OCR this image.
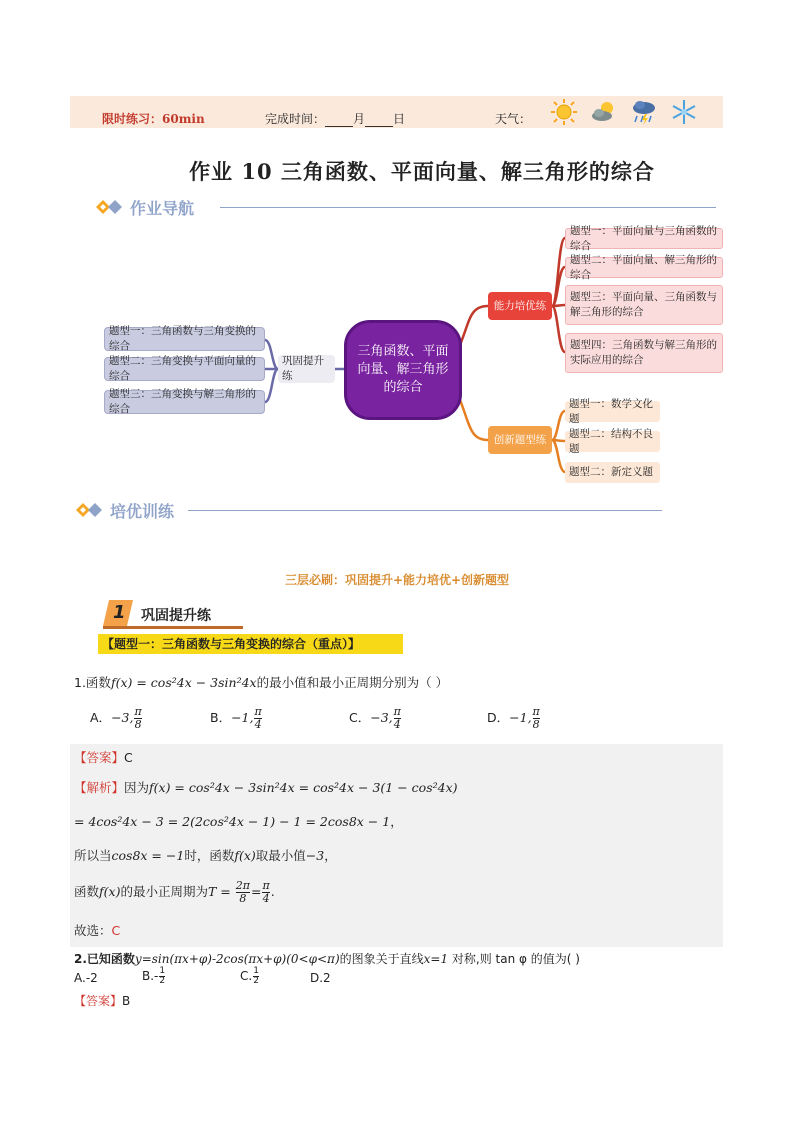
限时练习：60min	完成时间： 月 日	天气：
作业 10 三角函数、平面向量、解三角形的综合
作业导航
题型一：三角函数与三角变换的综合
题型二：三角变换与平面向量的综合
题型三：三角变换与解三角形的综合
巩固提升练
三角函数、平面
向量、解三角形
的综合
能力培优练
创新题型练
题型一：平面向量与三角函数的综合
题型二：平面向量、解三角形的综合
题型三：平面向量、三角函数与解三角形的综合
题型四：三角函数与解三角形的实际应用的综合
题型一：数学文化题
题型二：结构不良题
题型二：新定义题
培优训练
三层必刷：巩固提升+能力培优+创新题型
1 巩固提升练
【题型一：三角函数与三角变换的综合（重点）】
1.函数f(x) = cos²4x − 3sin²4x的最小值和最小正周期分别为（ ）
A．−3, $\frac{\pi}{8}$	B．−1, $\frac{\pi}{4}$	C．−3, $\frac{\pi}{4}$	D．−1, $\frac{\pi}{8}$
【答案】C
【解析】因为f(x) = cos²4x − 3sin²4x = cos²4x − 3(1 − cos²4x)
= 4cos²4x − 3 = 2(2cos²4x − 1) − 1 = 2cos8x − 1，
所以当cos8x = −1时，函数f(x)取最小值−3，
函数f(x)的最小正周期为$T = \frac{2\pi}{8} = \frac{\pi}{4}$ .
故选：C
2.已知函数y=sin(πx+φ)-2cos(πx+φ)(0<φ<π)的图象关于直线x=1 对称,则 tan φ 的值为( )
A.-2	$B.- \frac{1}{2}$	C. $\frac{1}{2}$	D.2
【答案】B
